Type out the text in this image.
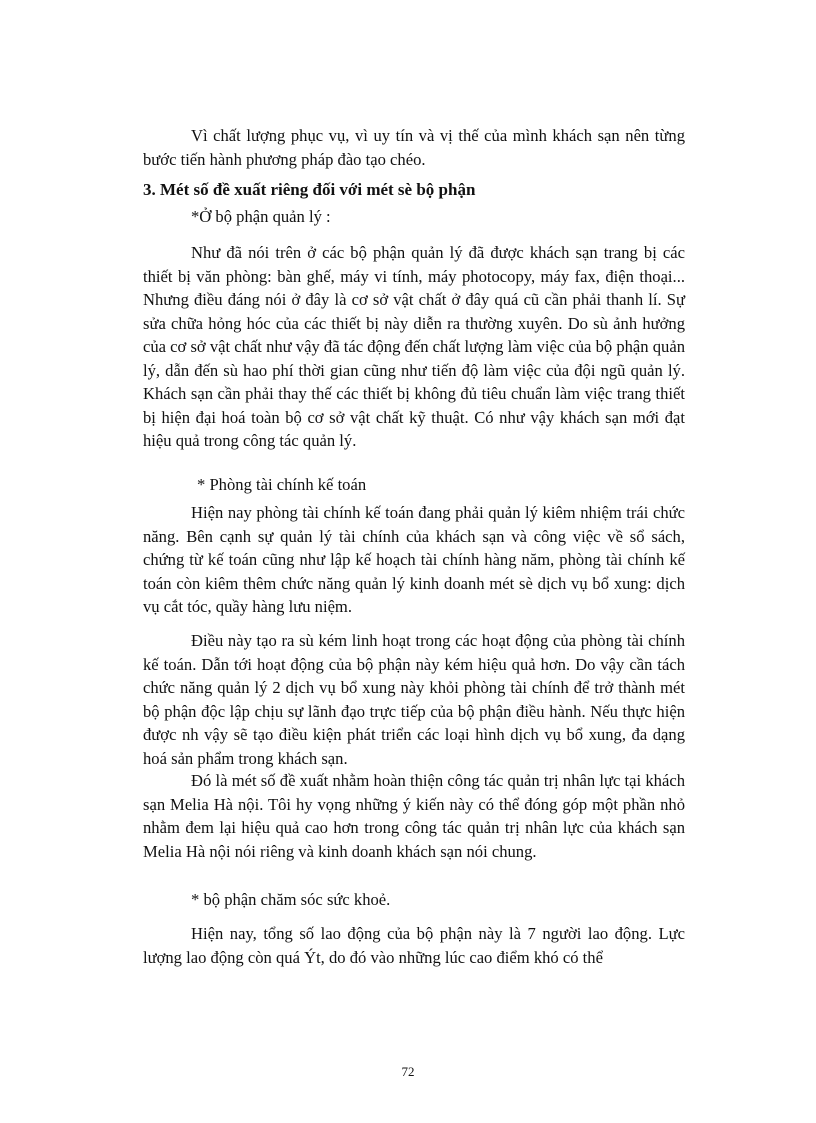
Vì chất lượng phục vụ, vì uy tín và vị thế của mình khách sạn nên từng bước tiến hành phương pháp đào tạo chéo.

3. Mét số đề xuất riêng đối với mét sè bộ phận

*Ở bộ phận quản lý :

Như đã nói trên ở các bộ phận quản lý đã được khách sạn trang bị các thiết bị văn phòng: bàn ghế, máy vi tính, máy photocopy, máy fax, điện thoại... Nhưng điều đáng nói ở đây là cơ sở vật chất ở đây quá cũ cần phải thanh lí. Sự sửa chữa hỏng hóc của các thiết bị này diễn ra thường xuyên. Do sù ảnh hưởng của cơ sở vật chất như vậy đã tác động đến chất lượng làm việc của bộ phận quản lý, dẫn đến sù hao phí thời gian cũng như tiến độ làm việc của đội ngũ quản lý. Khách sạn cần phải thay thế các thiết bị không đủ tiêu chuẩn làm việc trang thiết bị hiện đại hoá toàn bộ cơ sở vật chất kỹ thuật. Có như vậy khách sạn mới đạt hiệu quả trong công tác quản lý.

* Phòng tài chính kế toán

Hiện nay phòng tài chính kế toán đang phải quản lý kiêm nhiệm trái chức năng. Bên cạnh sự quản lý tài chính của khách sạn và công việc về sổ sách, chứng từ kế toán cũng như lập kế hoạch tài chính hàng năm, phòng tài chính kế toán còn kiêm thêm chức năng quản lý kinh doanh mét sè dịch vụ bổ xung: dịch vụ cắt tóc, quầy hàng lưu niệm.

Điều này tạo ra sù kém linh hoạt trong các hoạt động của phòng tài chính kế toán. Dẫn tới hoạt động của bộ phận này kém hiệu quả hơn. Do vậy cần tách chức năng quản lý 2 dịch vụ bổ xung này khỏi phòng tài chính để trở thành mét bộ phận độc lập chịu sự lãnh đạo trực tiếp của bộ phận điều hành. Nếu thực hiện được nh vậy sẽ tạo điều kiện phát triển các loại hình dịch vụ bổ xung, đa dạng hoá sản phẩm trong khách sạn.

Đó là mét số đề xuất nhằm hoàn thiện công tác quản trị nhân lực tại khách sạn Melia Hà nội. Tôi hy vọng những ý kiến này có thể đóng góp một phần nhỏ nhằm đem lại hiệu quả cao hơn trong công tác quản trị nhân lực của khách sạn Melia Hà nội nói riêng và kinh doanh khách sạn nói chung.

* bộ phận chăm sóc sức khoẻ.

Hiện nay, tổng số lao động của bộ phận này là 7 người lao động. Lực lượng lao động còn quá Ýt, do đó vào những lúc cao điểm khó có thể

72
